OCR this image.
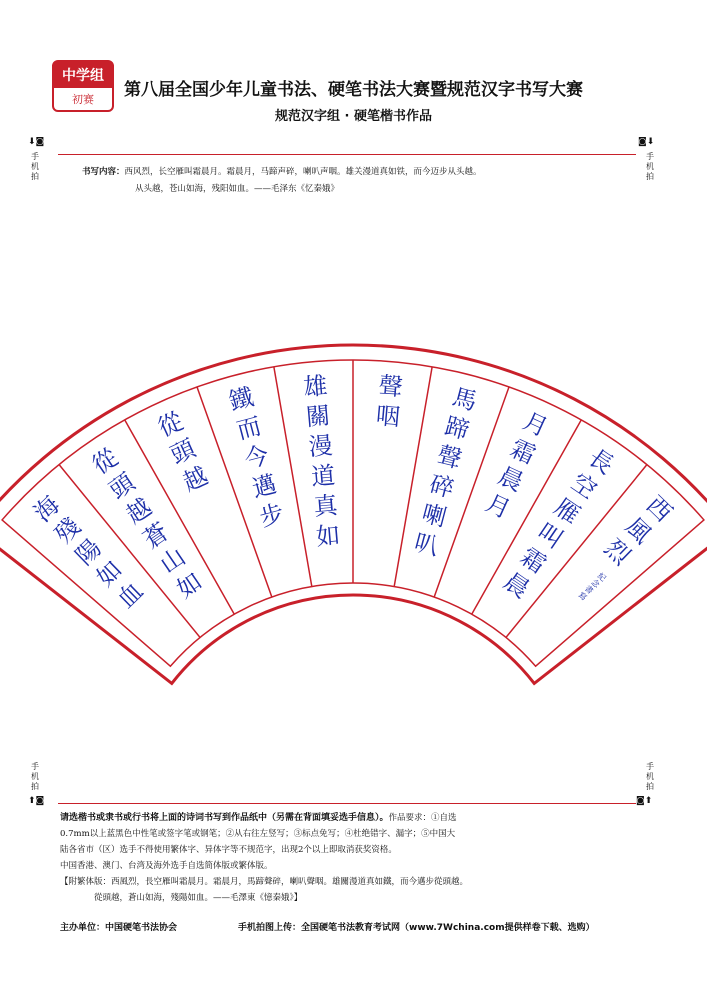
中学组
初赛	第八届全国少年儿童书法、硬笔书法大赛暨规范汉字书写大赛
规范汉字组 · 硬笔楷书作品
⬇◙	◙⬇
手
机
拍
手
机
拍
书写内容：西风烈，长空雁叫霜晨月。霜晨月，马蹄声碎，喇叭声咽。雄关漫道真如铁，而今迈步从头越。
从头越，苍山如海，残阳如血。——毛泽东《忆秦娥》
西
風
烈
長
空
雁
叫
霜
晨
月
霜
晨
月
馬
蹄
聲
碎
喇
叭
聲
咽
雄
關
漫
道
真
如
鐵
而
今
邁
步
從
頭
越
從
頭
越
蒼
山
如
海
殘
陽
如
血	紀
念
書
寫
手
机
拍
手
机
拍
⬆◙	◙⬆
请选楷书或隶书或行书将上面的诗词书写到作品纸中（另需在背面填妥选手信息）。作品要求：①自选
0.7mm以上蓝黑色中性笔或签字笔或钢笔；②从右往左竖写；③标点免写；④杜绝错字、漏字；⑤中国大
陆各省市（区）选手不得使用繁体字、异体字等不规范字，出现2个以上即取消获奖资格。
中国香港、澳门、台湾及海外选手自选简体版或繁体版。
【附繁体版：西風烈，長空雁叫霜晨月。霜晨月，馬蹄聲碎，喇叭聲咽。雄關漫道真如鐵，而今邁步從頭越。
從頭越，蒼山如海，殘陽如血。——毛澤東《憶秦娥》】
主办单位：中国硬笔书法协会	手机拍图上传：全国硬笔书法教育考试网（www.7Wchina.com提供样卷下载、选购）
